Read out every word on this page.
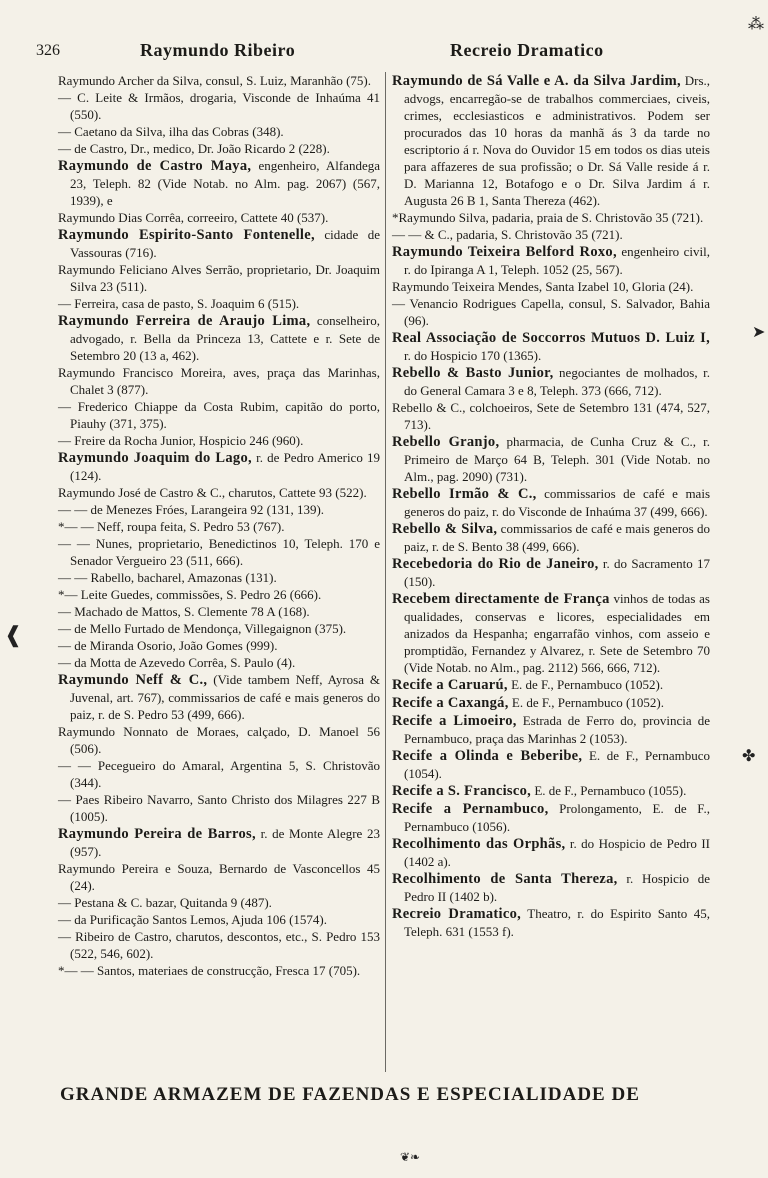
326	Raymundo Ribeiro	Recreio Dramatico

Raymundo Archer da Silva, consul, S. Luiz, Maranhão (75).

— C. Leite & Irmãos, drogaria, Visconde de Inhaúma 41 (550).

— Caetano da Silva, ilha das Cobras (348).

— de Castro, Dr., medico, Dr. João Ricardo 2 (228).

Raymundo de Castro Maya, engenheiro, Alfandega 23, Teleph. 82 (Vide Notab. no Alm. pag. 2067) (567, 1939), e

Raymundo Dias Corrêa, correeiro, Cattete 40 (537).

Raymundo Espirito-Santo Fontenelle, cidade de Vassouras (716).

Raymundo Feliciano Alves Serrão, proprietario, Dr. Joaquim Silva 23 (511).

— Ferreira, casa de pasto, S. Joaquim 6 (515).

Raymundo Ferreira de Araujo Lima, conselheiro, advogado, r. Bella da Princeza 13, Cattete e r. Sete de Setembro 20 (13 a, 462).

Raymundo Francisco Moreira, aves, praça das Marinhas, Chalet 3 (877).

— Frederico Chiappe da Costa Rubim, capitão do porto, Piauhy (371, 375).

— Freire da Rocha Junior, Hospicio 246 (960).

Raymundo Joaquim do Lago, r. de Pedro Americo 19 (124).

Raymundo José de Castro & C., charutos, Cattete 93 (522).

— — de Menezes Fróes, Larangeira 92 (131, 139).

*— — Neff, roupa feita, S. Pedro 53 (767).

— — Nunes, proprietario, Benedictinos 10, Teleph. 170 e Senador Vergueiro 23 (511, 666).

— — Rabello, bacharel, Amazonas (131).

*— Leite Guedes, commissões, S. Pedro 26 (666).

— Machado de Mattos, S. Clemente 78 A (168).

— de Mello Furtado de Mendonça, Villegaignon (375).

— de Miranda Osorio, João Gomes (999).

— da Motta de Azevedo Corrêa, S. Paulo (4).

Raymundo Neff & C., (Vide tambem Neff, Ayrosa & Juvenal, art. 767), commissarios de café e mais generos do paiz, r. de S. Pedro 53 (499, 666).

Raymundo Nonnato de Moraes, calçado, D. Manoel 56 (506).

— — Pecegueiro do Amaral, Argentina 5, S. Christovão (344).

— Paes Ribeiro Navarro, Santo Christo dos Milagres 227 B (1005).

Raymundo Pereira de Barros, r. de Monte Alegre 23 (957).

Raymundo Pereira e Souza, Bernardo de Vasconcellos 45 (24).

— Pestana & C. bazar, Quitanda 9 (487).

— da Purificação Santos Lemos, Ajuda 106 (1574).

— Ribeiro de Castro, charutos, descontos, etc., S. Pedro 153 (522, 546, 602).

*— — Santos, materiaes de construcção, Fresca 17 (705).

Raymundo de Sá Valle e A. da Silva Jardim, Drs., advogs, encarregão-se de trabalhos commerciaes, civeis, crimes, ecclesiasticos e administrativos. Podem ser procurados das 10 horas da manhã ás 3 da tarde no escriptorio á r. Nova do Ouvidor 15 em todos os dias uteis para affazeres de sua profissão; o Dr. Sá Valle reside á r. D. Marianna 12, Botafogo e o Dr. Silva Jardim á r. Augusta 26 B 1, Santa Thereza (462).

*Raymundo Silva, padaria, praia de S. Christovão 35 (721).

— — & C., padaria, S. Christovão 35 (721).

Raymundo Teixeira Belford Roxo, engenheiro civil, r. do Ipiranga A 1, Teleph. 1052 (25, 567).

Raymundo Teixeira Mendes, Santa Izabel 10, Gloria (24).

— Venancio Rodrigues Capella, consul, S. Salvador, Bahia (96).

Real Associação de Soccorros Mutuos D. Luiz I, r. do Hospicio 170 (1365).

Rebello & Basto Junior, negociantes de molhados, r. do General Camara 3 e 8, Teleph. 373 (666, 712).

Rebello & C., colchoeiros, Sete de Setembro 131 (474, 527, 713).

Rebello Granjo, pharmacia, de Cunha Cruz & C., r. Primeiro de Março 64 B, Teleph. 301 (Vide Notab. no Alm., pag. 2090) (731).

Rebello Irmão & C., commissarios de café e mais generos do paiz, r. do Visconde de Inhaúma 37 (499, 666).

Rebello & Silva, commissarios de café e mais generos do paiz, r. de S. Bento 38 (499, 666).

Recebedoria do Rio de Janeiro, r. do Sacramento 17 (150).

Recebem directamente de França vinhos de todas as qualidades, conservas e licores, especialidades em anizados da Hespanha; engarrafão vinhos, com asseio e promptidão, Fernandez y Alvarez, r. Sete de Setembro 70 (Vide Notab. no Alm., pag. 2112) 566, 666, 712).

Recife a Caruarú, E. de F., Pernambuco (1052).

Recife a Caxangá, E. de F., Pernambuco (1052).

Recife a Limoeiro, Estrada de Ferro do, provincia de Pernambuco, praça das Marinhas 2 (1053).

Recife a Olinda e Beberibe, E. de F., Pernambuco (1054).

Recife a S. Francisco, E. de F., Pernambuco (1055).

Recife a Pernambuco, Prolongamento, E. de F., Pernambuco (1056).

Recolhimento das Orphãs, r. do Hospicio de Pedro II (1402 a).

Recolhimento de Santa Thereza, r. Hospicio de Pedro II (1402 b).

Recreio Dramatico, Theatro, r. do Espirito Santo 45, Teleph. 631 (1553 f).

GRANDE ARMAZEM DE FAZENDAS E ESPECIALIDADE DE
⁂
➤
❰
✤
❦❧
